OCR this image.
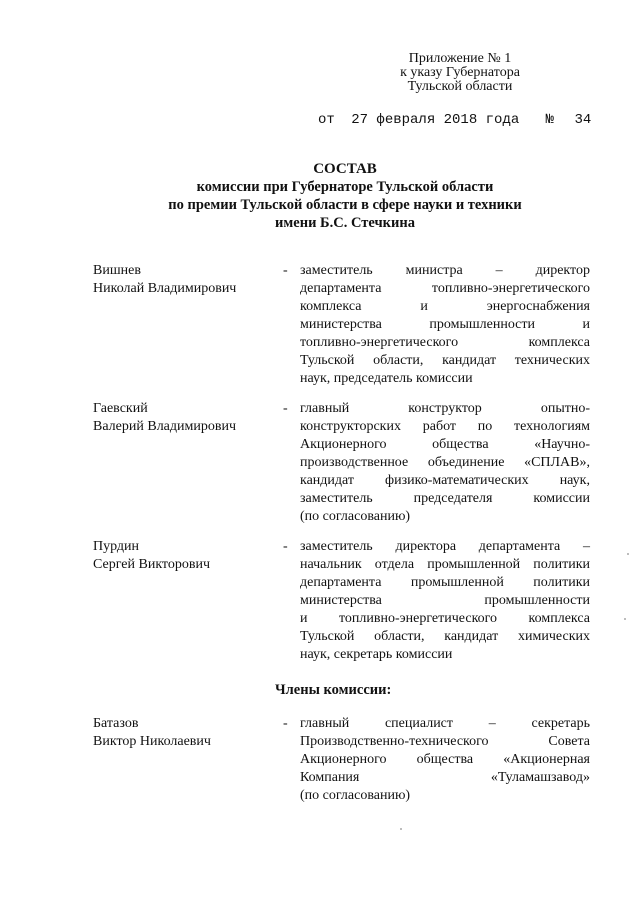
Приложение № 1
к указу Губернатора
Тульской области
от 27 февраля 2018 года № 34
СОСТАВ
комиссии при Губернаторе Тульской области
по премии Тульской области в сфере науки и техники
имени Б.С. Стечкина
Вишнев
Николай Владимирович
- заместитель министра – директор
департамента топливно-энергетического
комплекса и энергоснабжения
министерства промышленности и
топливно-энергетического комплекса
Тульской области, кандидат технических
наук, председатель комиссии
Гаевский
Валерий Владимирович
- главный конструктор опытно-
конструкторских работ по технологиям
Акционерного общества «Научно-
производственное объединение «СПЛАВ»,
кандидат физико-математических наук,
заместитель председателя комиссии
(по согласованию)
Пурдин
Сергей Викторович
- заместитель директора департамента –
начальник отдела промышленной политики
департамента промышленной политики
министерства промышленности
и топливно-энергетического комплекса
Тульской области, кандидат химических
наук, секретарь комиссии
Члены комиссии:
Батазов
Виктор Николаевич
- главный специалист – секретарь
Производственно-технического Совета
Акционерного общества «Акционерная
Компания «Туламашзавод»
(по согласованию)
